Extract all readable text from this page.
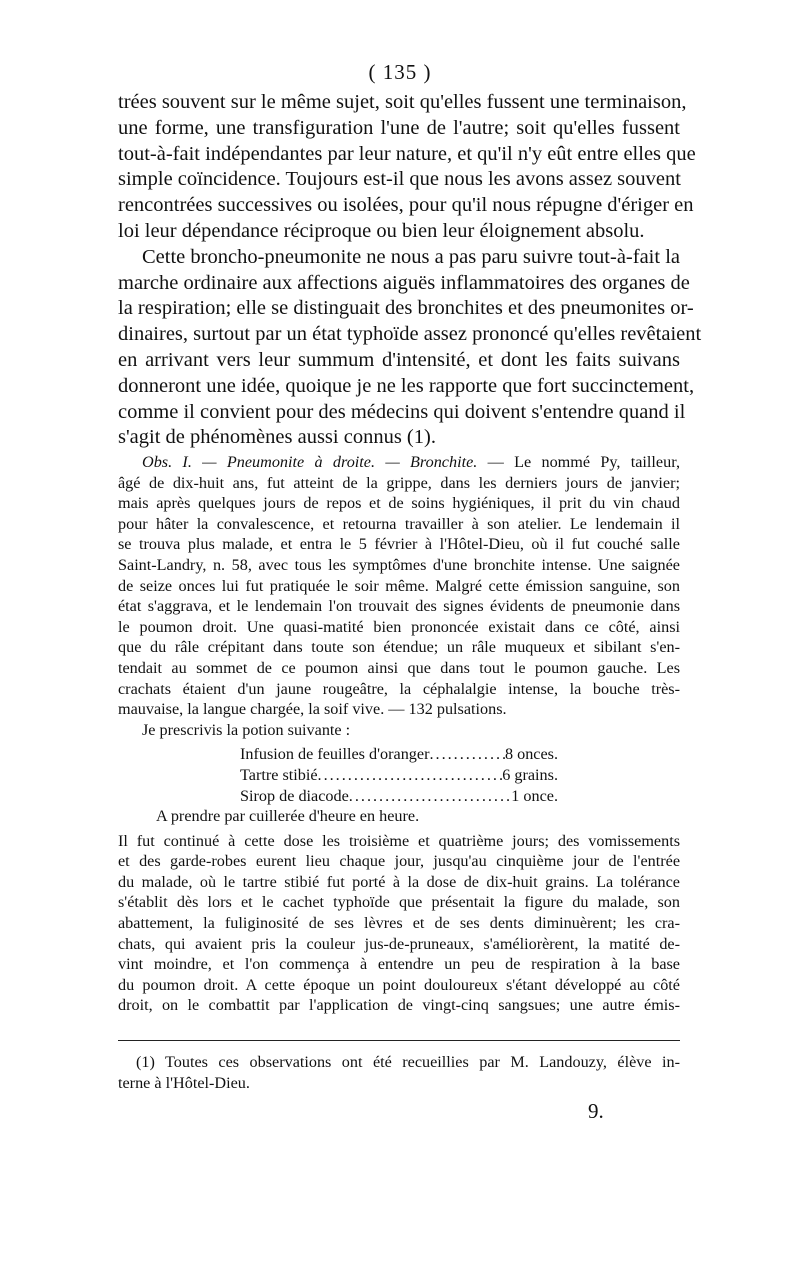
( 135 )
trées souvent sur le même sujet, soit qu'elles fussent une terminaison,
une forme, une transfiguration l'une de l'autre; soit qu'elles fussent
tout-à-fait indépendantes par leur nature, et qu'il n'y eût entre elles que
simple coïncidence. Toujours est-il que nous les avons assez souvent
rencontrées successives ou isolées, pour qu'il nous répugne d'ériger en
loi leur dépendance réciproque ou bien leur éloignement absolu.
Cette broncho-pneumonite ne nous a pas paru suivre tout-à-fait la
marche ordinaire aux affections aiguës inflammatoires des organes de
la respiration; elle se distinguait des bronchites et des pneumonites or-
dinaires, surtout par un état typhoïde assez prononcé qu'elles revêtaient
en arrivant vers leur summum d'intensité, et dont les faits suivans
donneront une idée, quoique je ne les rapporte que fort succinctement,
comme il convient pour des médecins qui doivent s'entendre quand il
s'agit de phénomènes aussi connus (1).
Obs. I. — Pneumonite à droite. — Bronchite. — Le nommé Py, tailleur,
âgé de dix-huit ans, fut atteint de la grippe, dans les derniers jours de janvier;
mais après quelques jours de repos et de soins hygiéniques, il prit du vin chaud
pour hâter la convalescence, et retourna travailler à son atelier. Le lendemain il
se trouva plus malade, et entra le 5 février à l'Hôtel-Dieu, où il fut couché salle
Saint-Landry, n. 58, avec tous les symptômes d'une bronchite intense. Une saignée
de seize onces lui fut pratiquée le soir même. Malgré cette émission sanguine, son
état s'aggrava, et le lendemain l'on trouvait des signes évidents de pneumonie dans
le poumon droit. Une quasi-matité bien prononcée existait dans ce côté, ainsi
que du râle crépitant dans toute son étendue; un râle muqueux et sibilant s'en-
tendait au sommet de ce poumon ainsi que dans tout le poumon gauche. Les
crachats étaient d'un jaune rougeâtre, la céphalalgie intense, la bouche très-
mauvaise, la langue chargée, la soif vive. — 132 pulsations.
Je prescrivis la potion suivante :
Infusion de feuilles d'oranger .....	8 onces.
Tartre stibié .....	6 grains.
Sirop de diacode .....	1 once.
A prendre par cuillerée d'heure en heure.
Il fut continué à cette dose les troisième et quatrième jours; des vomissements
et des garde-robes eurent lieu chaque jour, jusqu'au cinquième jour de l'entrée
du malade, où le tartre stibié fut porté à la dose de dix-huit grains. La tolérance
s'établit dès lors et le cachet typhoïde que présentait la figure du malade, son
abattement, la fuliginosité de ses lèvres et de ses dents diminuèrent; les cra-
chats, qui avaient pris la couleur jus-de-pruneaux, s'améliorèrent, la matité de-
vint moindre, et l'on commença à entendre un peu de respiration à la base
du poumon droit. A cette époque un point douloureux s'étant développé au côté
droit, on le combattit par l'application de vingt-cinq sangsues; une autre émis-
(1) Toutes ces observations ont été recueillies par M. Landouzy, élève in-
terne à l'Hôtel-Dieu.
9.
